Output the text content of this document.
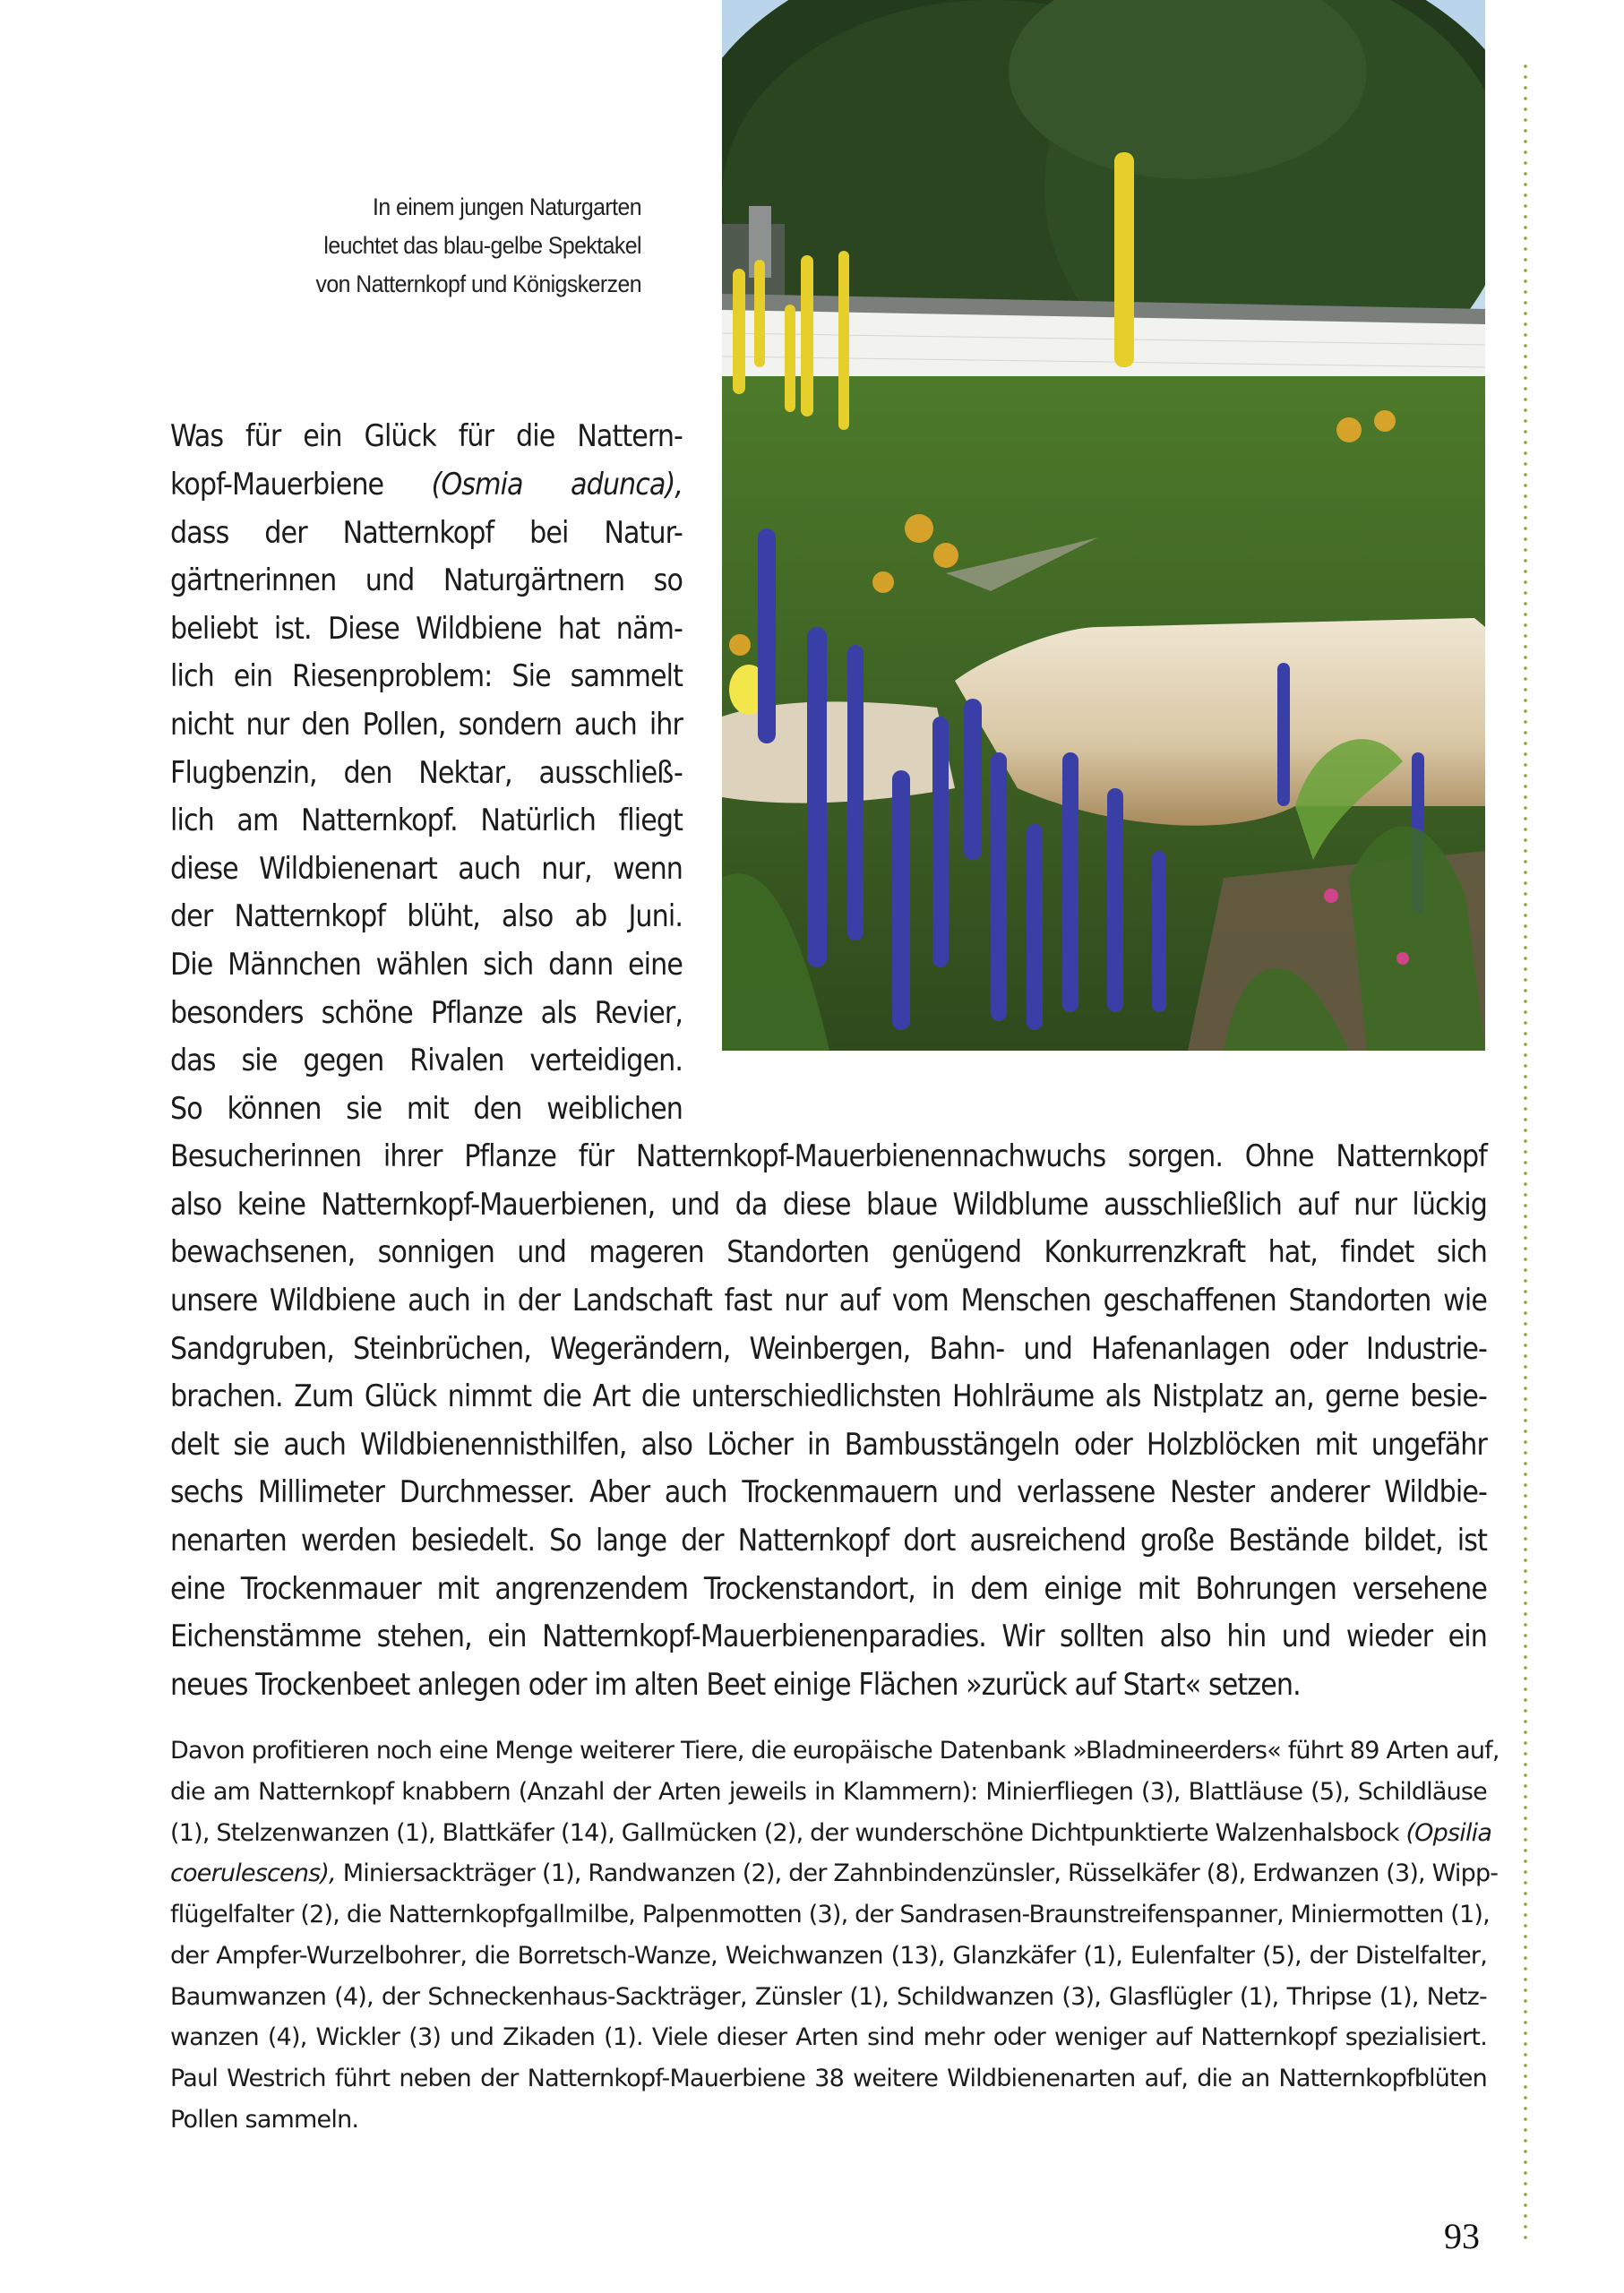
In einem jungen Naturgarten
leuchtet das blau-gelbe Spektakel
von Natternkopf und Königskerzen
Was für ein Glück für die Nattern-
kopf-Mauerbiene (Osmia adunca),
dass der Natternkopf bei Natur-
gärtnerinnen und Naturgärtnern so
beliebt ist. Diese Wildbiene hat näm-
lich ein Riesenproblem: Sie sammelt
nicht nur den Pollen, sondern auch ihr
Flugbenzin, den Nektar, ausschließ-
lich am Natternkopf. Natürlich fliegt
diese Wildbienenart auch nur, wenn
der Natternkopf blüht, also ab Juni.
Die Männchen wählen sich dann eine
besonders schöne Pflanze als Revier,
das sie gegen Rivalen verteidigen.
So können sie mit den weiblichen
Besucherinnen ihrer Pflanze für Natternkopf-Mauerbienennachwuchs sorgen. Ohne Natternkopf
also keine Natternkopf-Mauerbienen, und da diese blaue Wildblume ausschließlich auf nur lückig
bewachsenen, sonnigen und mageren Standorten genügend Konkurrenzkraft hat, findet sich
unsere Wildbiene auch in der Landschaft fast nur auf vom Menschen geschaffenen Standorten wie
Sandgruben, Steinbrüchen, Wegerändern, Weinbergen, Bahn- und Hafenanlagen oder Industrie-
brachen. Zum Glück nimmt die Art die unterschiedlichsten Hohlräume als Nistplatz an, gerne besie-
delt sie auch Wildbienennisthilfen, also Löcher in Bambusstängeln oder Holzblöcken mit ungefähr
sechs Millimeter Durchmesser. Aber auch Trockenmauern und verlassene Nester anderer Wildbie-
nenarten werden besiedelt. So lange der Natternkopf dort ausreichend große Bestände bildet, ist
eine Trockenmauer mit angrenzendem Trockenstandort, in dem einige mit Bohrungen versehene
Eichenstämme stehen, ein Natternkopf-Mauerbienenparadies. Wir sollten also hin und wieder ein
neues Trockenbeet anlegen oder im alten Beet einige Flächen »zurück auf Start« setzen.
Davon profitieren noch eine Menge weiterer Tiere, die europäische Datenbank »Bladmineerders« führt 89 Arten auf,
die am Natternkopf knabbern (Anzahl der Arten jeweils in Klammern): Minierfliegen (3), Blattläuse (5), Schildläuse
(1), Stelzenwanzen (1), Blattkäfer (14), Gallmücken (2), der wunderschöne Dichtpunktierte Walzenhalsbock (Opsilia
coerulescens), Miniersackträger (1), Randwanzen (2), der Zahnbindenzünsler, Rüsselkäfer (8), Erdwanzen (3), Wipp-
flügelfalter (2), die Natternkopfgallmilbe, Palpenmotten (3), der Sandrasen-Braunstreifenspanner, Miniermotten (1),
der Ampfer-Wurzelbohrer, die Borretsch-Wanze, Weichwanzen (13), Glanzkäfer (1), Eulenfalter (5), der Distelfalter,
Baumwanzen (4), der Schneckenhaus-Sackträger, Zünsler (1), Schildwanzen (3), Glasflügler (1), Thripse (1), Netz-
wanzen (4), Wickler (3) und Zikaden (1). Viele dieser Arten sind mehr oder weniger auf Natternkopf spezialisiert.
Paul Westrich führt neben der Natternkopf-Mauerbiene 38 weitere Wildbienenarten auf, die an Natternkopfblüten
Pollen sammeln.
93
